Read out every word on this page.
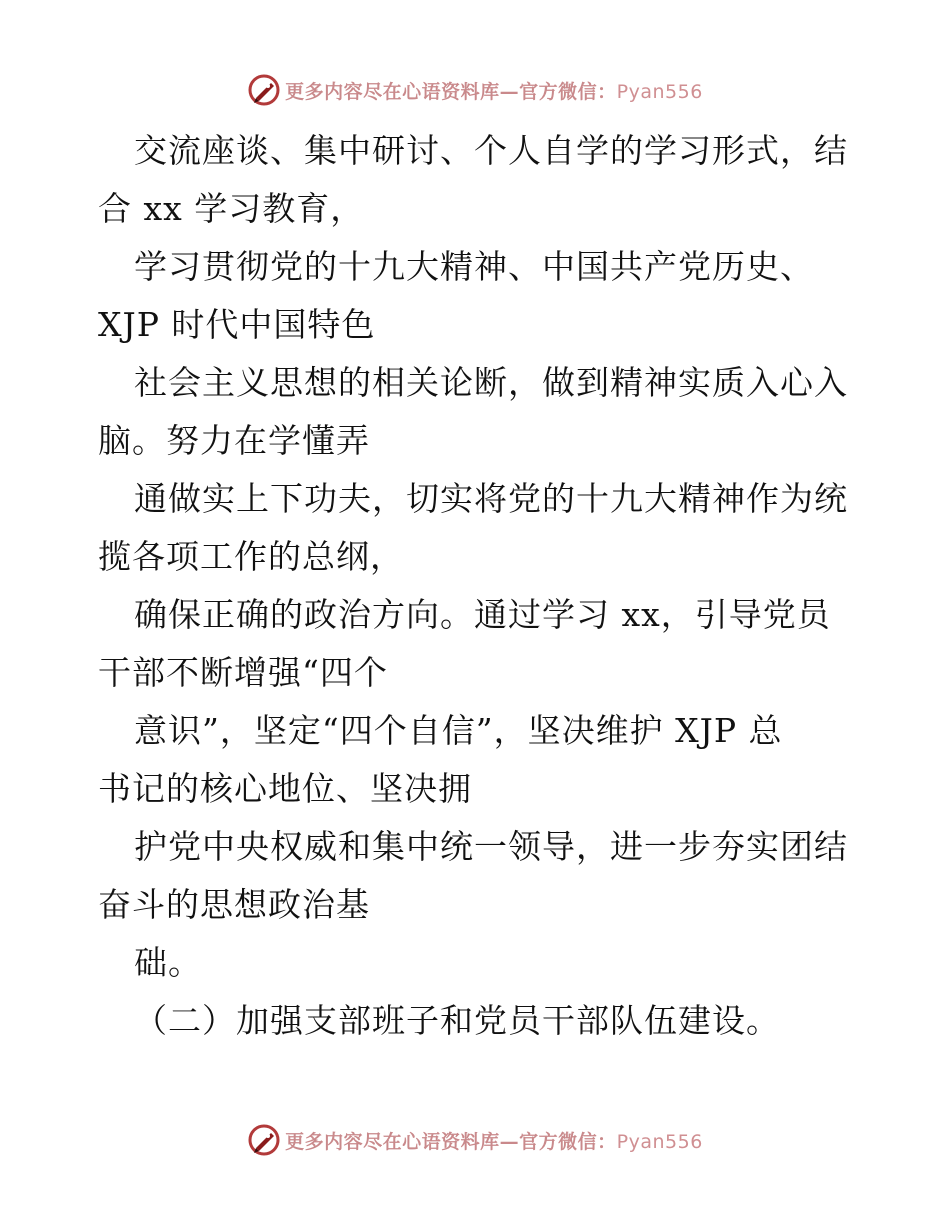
更多内容尽在心语资料库—官方微信：Pyan556
交流座谈、集中研讨、个人自学的学习形式，结
合 xx 学习教育，
学习贯彻党的十九大精神、中国共产党历史、
XJP 时代中国特色
社会主义思想的相关论断，做到精神实质入心入
脑。努力在学懂弄
通做实上下功夫，切实将党的十九大精神作为统
揽各项工作的总纲，
确保正确的政治方向。通过学习 xx，引导党员
干部不断增强“四个
意识”，坚定“四个自信”，坚决维护 XJP 总
书记的核心地位、坚决拥
护党中央权威和集中统一领导，进一步夯实团结
奋斗的思想政治基
础。
（二）加强支部班子和党员干部队伍建设。
更多内容尽在心语资料库—官方微信：Pyan556
